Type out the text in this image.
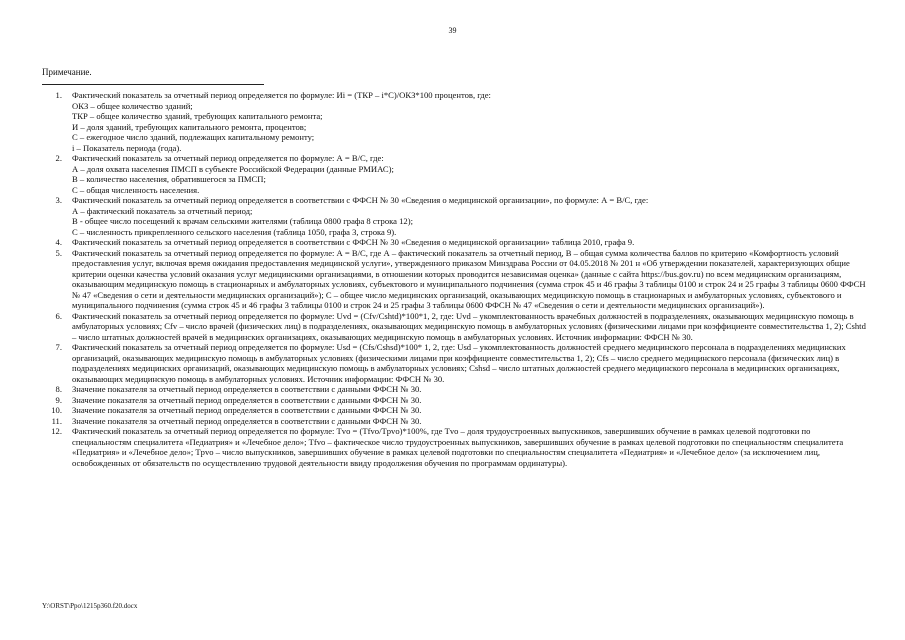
39
Примечание.
1.	Фактический показатель за отчетный период определяется по формуле: Иi = (ТКР – i*С)/ОКЗ*100 процентов, где:
ОКЗ – общее количество зданий;
ТКР – общее количество зданий, требующих капитального ремонта;
И – доля зданий, требующих капитального ремонта, процентов;
С – ежегодное число зданий, подлежащих капитальному ремонту;
i – Показатель периода (года).
2.	Фактический показатель за отчетный период определяется по формуле: А = В/С, где:
А – доля охвата населения ПМСП в субъекте Российской Федерации (данные РМИАС);
В – количество населения, обратившегося за ПМСП;
С – общая численность населения.
3.	Фактический показатель за отчетный период определяется в соответствии с ФФСН № 30 «Сведения о медицинской организации», по формуле: А = В/С, где:
А – фактический показатель за отчетный период;
В - общее число посещений к врачам сельскими жителями (таблица 0800 графа 8 строка 12);
С – численность прикрепленного сельского населения (таблица 1050, графа 3, строка 9).
4.	Фактический показатель за отчетный период определяется в соответствии с ФФСН № 30 «Сведения о медицинской организации» таблица 2010, графа 9.
5.	Фактический показатель за отчетный период определяется по формуле: А = В/С, где А – фактический показатель за отчетный период, В – общая сумма количества баллов по критерию «Комфортность условий предоставления услуг, включая время ожидания предоставления медицинской услуги», утвержденного приказом Минздрава России от 04.05.2018 № 201 н «Об утверждении показателей, характеризующих общие критерии оценки качества условий оказания услуг медицинскими организациями, в отношении которых проводится независимая оценка» (данные с сайта https://bus.gov.ru) по всем медицинским организациям, оказывающим медицинскую помощь в стационарных и амбулаторных условиях, субъектового и муниципального подчинения (сумма строк 45 и 46 графы 3 таблицы 0100 и строк 24 и 25 графы 3 таблицы 0600 ФФСН № 47 «Сведения о сети и деятельности медицинских организаций»); С – общее число медицинских организаций, оказывающих медицинскую помощь в стационарных и амбулаторных условиях, субъектового и муниципального подчинения (сумма строк 45 и 46 графы 3 таблицы 0100 и строк 24 и 25 графы 3 таблицы 0600 ФФСН № 47 «Сведения о сети и деятельности медицинских организаций»).
6.	Фактический показатель за отчетный период определяется по формуле: Uvd = (Cfv/Cshtd)*100*1, 2, где: Uvd – укомплектованность врачебных должностей в подразделениях, оказывающих медицинскую помощь в амбулаторных условиях; Cfv – число врачей (физических лиц) в подразделениях, оказывающих медицинскую помощь в амбулаторных условиях (физическими лицами при коэффициенте совместительства 1, 2); Cshtd – число штатных должностей врачей в медицинских организациях, оказывающих медицинскую помощь в амбулаторных условиях. Источник информации: ФФСН № 30.
7.	Фактический показатель за отчетный период определяется по формуле: Usd = (Cfs/Cshsd)*100* 1, 2, где: Usd – укомплектованность должностей среднего медицинского персонала в подразделениях медицинских организаций, оказывающих медицинскую помощь в амбулаторных условиях (физическими лицами при коэффициенте совместительства 1, 2); Cfs – число среднего медицинского персонала (физических лиц) в подразделениях медицинских организаций, оказывающих медицинскую помощь в амбулаторных условиях; Cshsd – число штатных должностей среднего медицинского персонала в медицинских организациях, оказывающих медицинскую помощь в амбулаторных условиях. Источник информации: ФФСН № 30.
8.	Значение показателя за отчетный период определяется в соответствии с данными ФФСН № 30.
9.	Значение показателя за отчетный период определяется в соответствии с данными ФФСН № 30.
10.	Значение показателя за отчетный период определяется в соответствии с данными ФФСН № 30.
11.	Значение показателя за отчетный период определяется в соответствии с данными ФФСН № 30.
12.	Фактический показатель за отчетный период определяется по формуле: Tvo = (Tfvo/Tpvo)*100%, где Tvo – доля трудоустроенных выпускников, завершивших обучение в рамках целевой подготовки по специальностям специалитета «Педиатрия» и «Лечебное дело»; Tfvo – фактическое число трудоустроенных выпускников, завершивших обучение в рамках целевой подготовки по специальностям специалитета «Педиатрия» и «Лечебное дело»; Tpvo – число выпускников, завершивших обучение в рамках целевой подготовки по специальностям специалитета «Педиатрия» и «Лечебное дело» (за исключением лиц, освобожденных от обязательств по осуществлению трудовой деятельности ввиду продолжения обучения по программам ординатуры).
Y:\ORST\Ppo\1215p360.f20.docx
